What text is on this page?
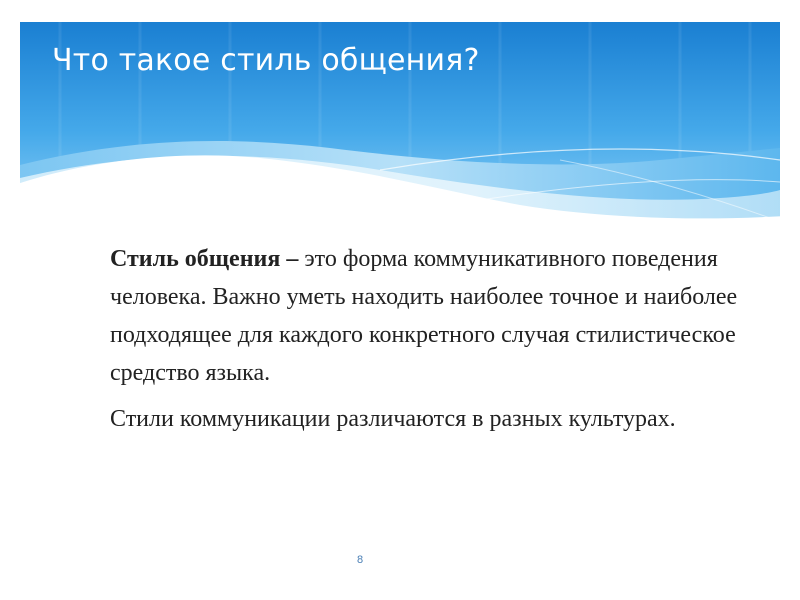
Что такое стиль общения?

Стиль общения – это форма коммуникативного поведения человека. Важно уметь находить наиболее точное и наиболее подходящее для каждого конкретного случая стилистическое средство языка.

Стили коммуникации различаются в разных культурах.

8
